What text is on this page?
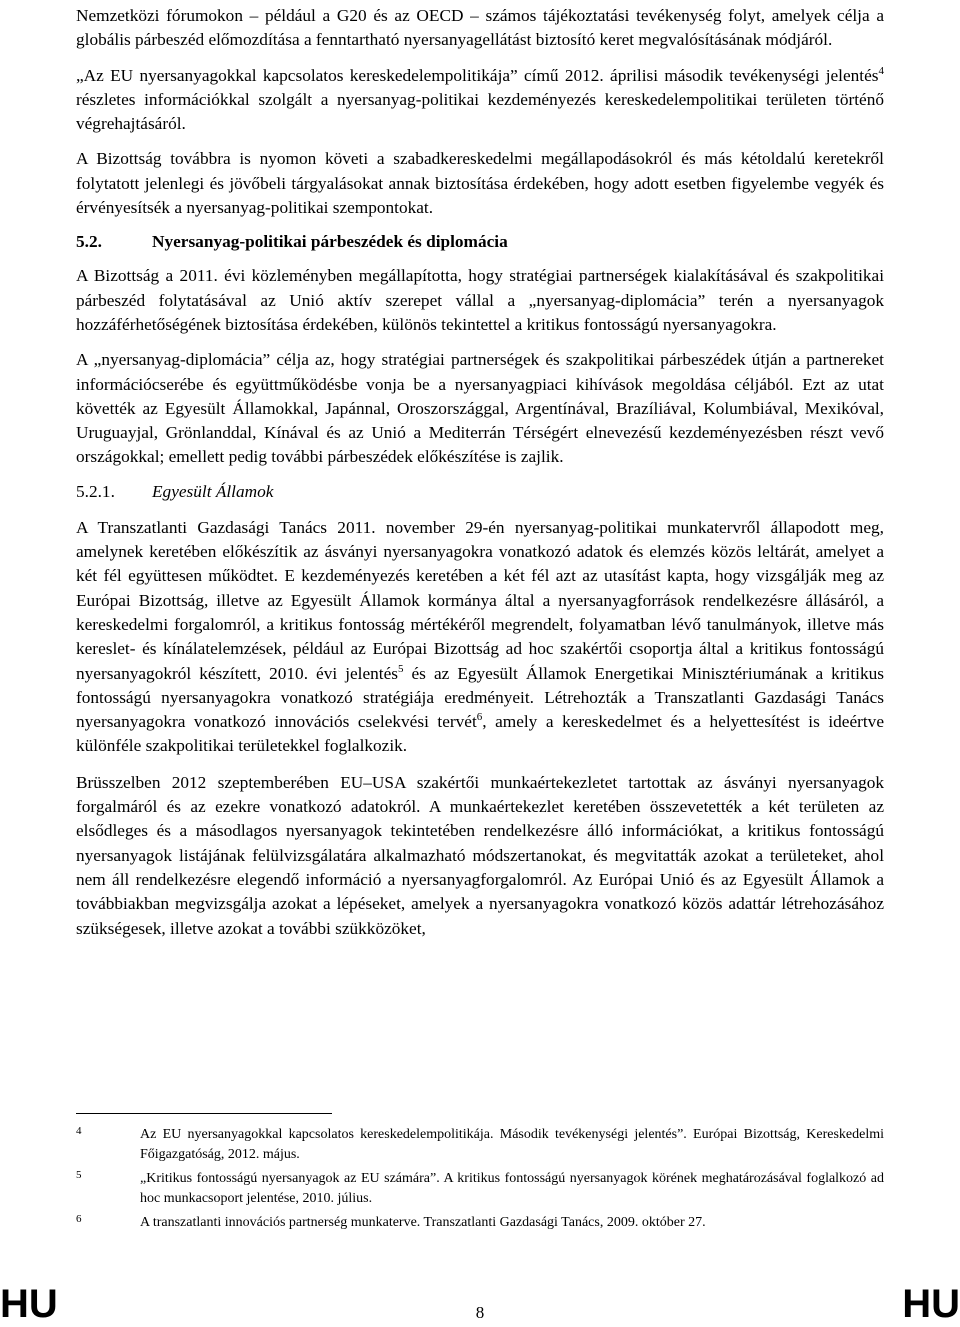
Nemzetközi fórumokon – például a G20 és az OECD – számos tájékoztatási tevékenység folyt, amelyek célja a globális párbeszéd előmozdítása a fenntartható nyersanyagellátást biztosító keret megvalósításának módjáról.

„Az EU nyersanyagokkal kapcsolatos kereskedelempolitikája” című 2012. áprilisi második tevékenységi jelentés$^4$ részletes információkkal szolgált a nyersanyag-politikai kezdeményezés kereskedelempolitikai területen történő végrehajtásáról.

A Bizottság továbbra is nyomon követi a szabadkereskedelmi megállapodásokról és más kétoldalú keretekről folytatott jelenlegi és jövőbeli tárgyalásokat annak biztosítása érdekében, hogy adott esetben figyelembe vegyék és érvényesítsék a nyersanyag-politikai szempontokat.

5.2.	Nyersanyag-politikai párbeszédek és diplomácia

A Bizottság a 2011. évi közleményben megállapította, hogy stratégiai partnerségek kialakításával és szakpolitikai párbeszéd folytatásával az Unió aktív szerepet vállal a „nyersanyag-diplomácia” terén a nyersanyagok hozzáférhetőségének biztosítása érdekében, különös tekintettel a kritikus fontosságú nyersanyagokra.

A „nyersanyag-diplomácia” célja az, hogy stratégiai partnerségek és szakpolitikai párbeszédek útján a partnereket információcserébe és együttműködésbe vonja be a nyersanyagpiaci kihívások megoldása céljából. Ezt az utat követték az Egyesült Államokkal, Japánnal, Oroszországgal, Argentínával, Brazíliával, Kolumbiával, Mexikóval, Uruguayjal, Grönlanddal, Kínával és az Unió a Mediterrán Térségért elnevezésű kezdeményezésben részt vevő országokkal; emellett pedig további párbeszédek előkészítése is zajlik.

5.2.1.	Egyesült Államok

A Transzatlanti Gazdasági Tanács 2011. november 29-én nyersanyag-politikai munkatervről állapodott meg, amelynek keretében előkészítik az ásványi nyersanyagokra vonatkozó adatok és elemzés közös leltárát, amelyet a két fél együttesen működtet. E kezdeményezés keretében a két fél azt az utasítást kapta, hogy vizsgálják meg az Európai Bizottság, illetve az Egyesült Államok kormánya által a nyersanyagforrások rendelkezésre állásáról, a kereskedelmi forgalomról, a kritikus fontosság mértékéről megrendelt, folyamatban lévő tanulmányok, illetve más kereslet- és kínálatelemzések, például az Európai Bizottság ad hoc szakértői csoportja által a kritikus fontosságú nyersanyagokról készített, 2010. évi jelentés$^5$ és az Egyesült Államok Energetikai Minisztériumának a kritikus fontosságú nyersanyagokra vonatkozó stratégiája eredményeit. Létrehozták a Transzatlanti Gazdasági Tanács nyersanyagokra vonatkozó innovációs cselekvési tervét$^6$, amely a kereskedelmet és a helyettesítést is ideértve különféle szakpolitikai területekkel foglalkozik.

Brüsszelben 2012 szeptemberében EU–USA szakértői munkaértekezletet tartottak az ásványi nyersanyagok forgalmáról és az ezekre vonatkozó adatokról. A munkaértekezlet keretében összevetették a két területen az elsődleges és a másodlagos nyersanyagok tekintetében rendelkezésre álló információkat, a kritikus fontosságú nyersanyagok listájának felülvizsgálatára alkalmazható módszertanokat, és megvitatták azokat a területeket, ahol nem áll rendelkezésre elegendő információ a nyersanyagforgalomról. Az Európai Unió és az Egyesült Államok a továbbiakban megvizsgálja azokat a lépéseket, amelyek a nyersanyagokra vonatkozó közös adattár létrehozásához szükségesek, illetve azokat a további szükközöket,

4	Az EU nyersanyagokkal kapcsolatos kereskedelempolitikája. Második tevékenységi jelentés”. Európai Bizottság, Kereskedelmi Főigazgatóság, 2012. május.
5	„Kritikus fontosságú nyersanyagok az EU számára”. A kritikus fontosságú nyersanyagok körének meghatározásával foglalkozó ad hoc munkacsoport jelentése, 2010. július.
6	A transzatlanti innovációs partnerség munkaterve. Transzatlanti Gazdasági Tanács, 2009. október 27.
HU	8	HU
